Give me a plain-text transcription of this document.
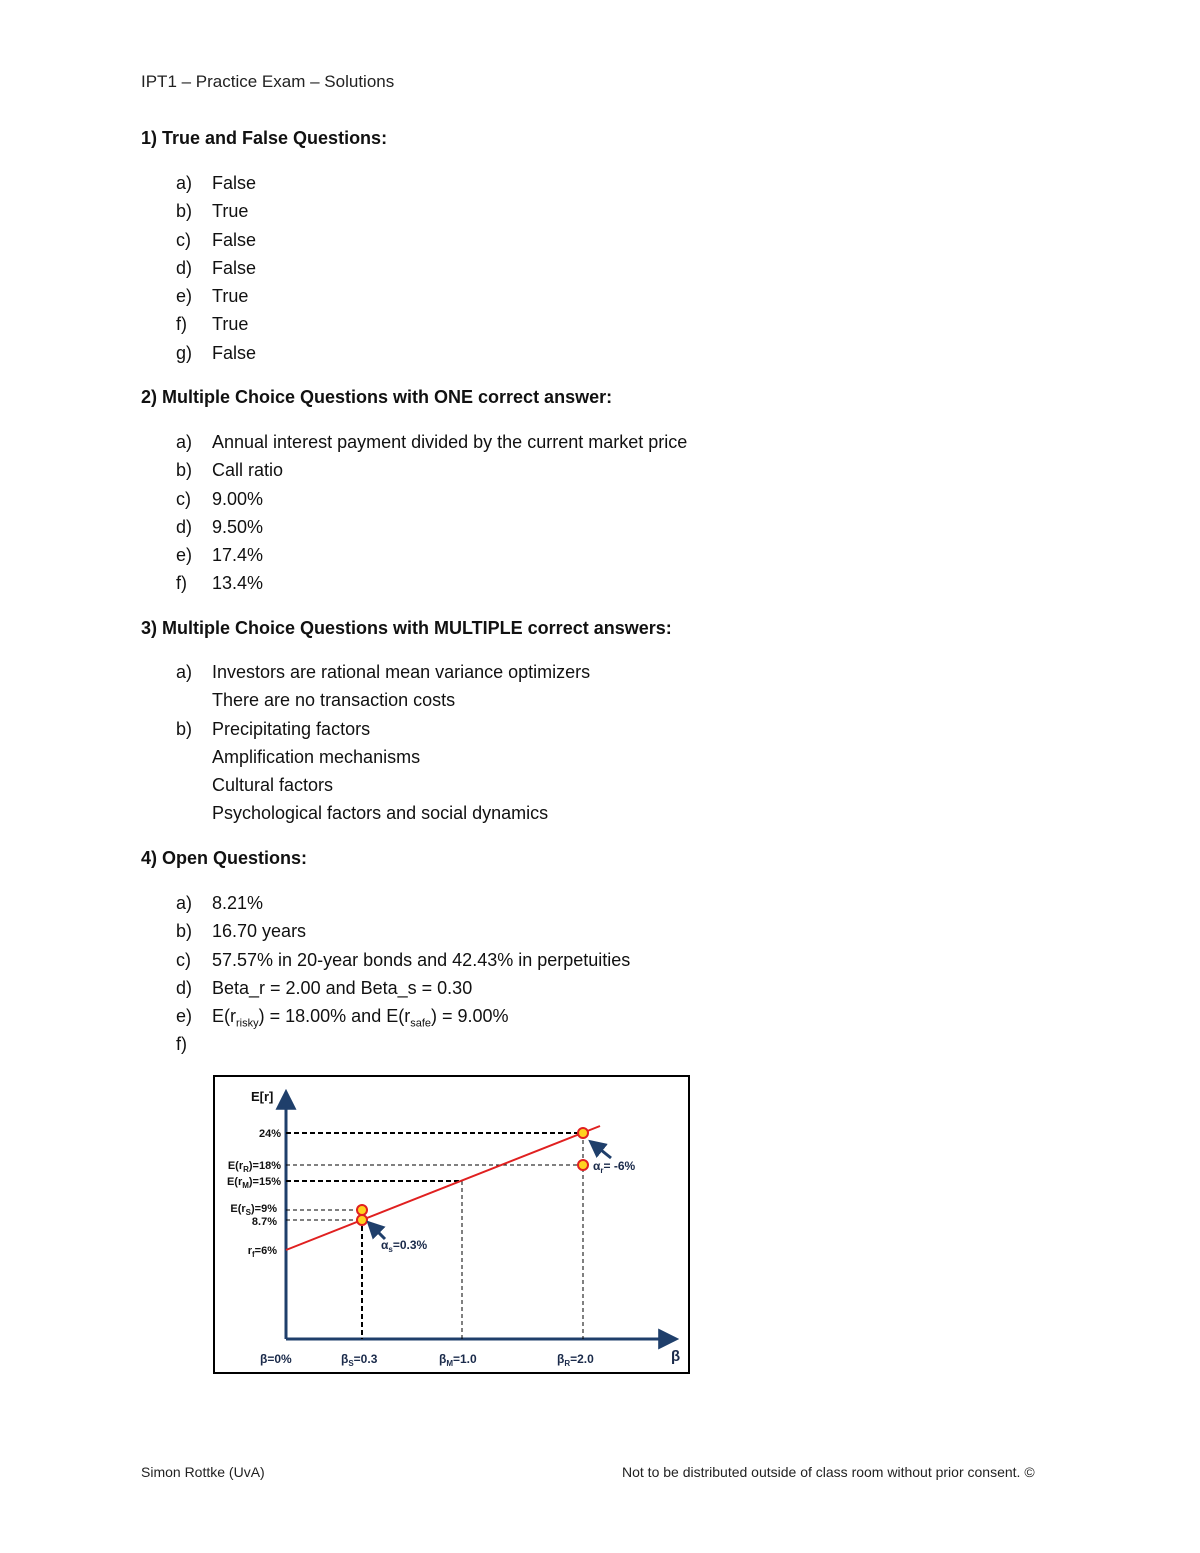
IPT1 – Practice Exam – Solutions
1) True and False Questions:
a)	False
b)	True
c)	False
d)	False
e)	True
f)	True
g)	False
2) Multiple Choice Questions with ONE correct answer:
a)	Annual interest payment divided by the current market price
b)	Call ratio
c)	9.00%
d)	9.50%
e)	17.4%
f)	13.4%
3) Multiple Choice Questions with MULTIPLE correct answers:
a)	Investors are rational mean variance optimizers
There are no transaction costs
b)	Precipitating factors
Amplification mechanisms
Cultural factors
Psychological factors and social dynamics
4) Open Questions:
a)	8.21%
b)	16.70 years
c)	57.57% in 20-year bonds and 42.43% in perpetuities
d)	Beta_r = 2.00 and Beta_s = 0.30
e)	$E(r_{risky}) = 18.00\%$ and $E(r_{safe}) = 9.00\%$
f)
E[r]
β
24%
$E(r_R)=18\%$
$E(r_M)=15\%$
$E(r_S)=9\%$
8.7%
$r_f=6\%$
β=0%	$\beta_S=0.3$	$\beta_M=1.0$	$\beta_R=2.0$
$\alpha_r= -6\%$
$\alpha_s=0.3\%$
Simon Rottke (UvA)	Not to be distributed outside of class room without prior consent. ©
